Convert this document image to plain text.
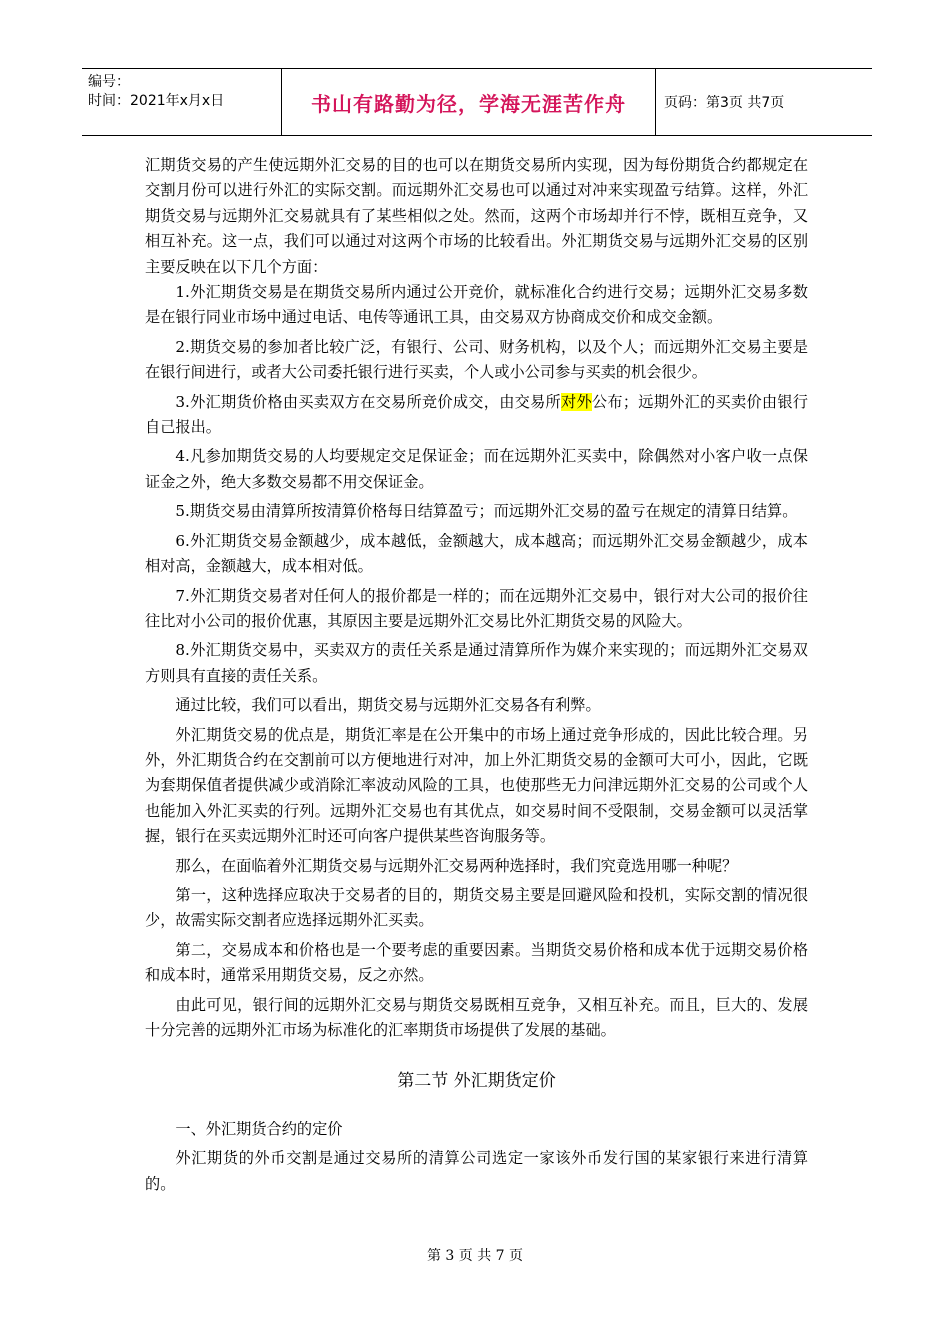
编号：
时间：2021年x月x日	书山有路勤为径，学海无涯苦作舟	页码：第3页 共7页

汇期货交易的产生使远期外汇交易的目的也可以在期货交易所内实现，因为每份期货合约都规定在交割月份可以进行外汇的实际交割。而远期外汇交易也可以通过对冲来实现盈亏结算。这样，外汇期货交易与远期外汇交易就具有了某些相似之处。然而，这两个市场却并行不悖，既相互竞争，又相互补充。这一点，我们可以通过对这两个市场的比较看出。外汇期货交易与远期外汇交易的区别主要反映在以下几个方面：

1.外汇期货交易是在期货交易所内通过公开竞价，就标准化合约进行交易；远期外汇交易多数是在银行同业市场中通过电话、电传等通讯工具，由交易双方协商成交价和成交金额。

2.期货交易的参加者比较广泛，有银行、公司、财务机构，以及个人；而远期外汇交易主要是在银行间进行，或者大公司委托银行进行买卖，个人或小公司参与买卖的机会很少。

3.外汇期货价格由买卖双方在交易所竞价成交，由交易所对外公布；远期外汇的买卖价由银行自己报出。

4.凡参加期货交易的人均要规定交足保证金；而在远期外汇买卖中，除偶然对小客户收一点保证金之外，绝大多数交易都不用交保证金。

5.期货交易由清算所按清算价格每日结算盈亏；而远期外汇交易的盈亏在规定的清算日结算。

6.外汇期货交易金额越少，成本越低，金额越大，成本越高；而远期外汇交易金额越少，成本相对高，金额越大，成本相对低。

7.外汇期货交易者对任何人的报价都是一样的；而在远期外汇交易中，银行对大公司的报价往往比对小公司的报价优惠，其原因主要是远期外汇交易比外汇期货交易的风险大。

8.外汇期货交易中，买卖双方的责任关系是通过清算所作为媒介来实现的；而远期外汇交易双方则具有直接的责任关系。

通过比较，我们可以看出，期货交易与远期外汇交易各有利弊。

外汇期货交易的优点是，期货汇率是在公开集中的市场上通过竞争形成的，因此比较合理。另外，外汇期货合约在交割前可以方便地进行对冲，加上外汇期货交易的金额可大可小，因此，它既为套期保值者提供减少或消除汇率波动风险的工具，也使那些无力问津远期外汇交易的公司或个人也能加入外汇买卖的行列。远期外汇交易也有其优点，如交易时间不受限制，交易金额可以灵活掌握，银行在买卖远期外汇时还可向客户提供某些咨询服务等。

那么，在面临着外汇期货交易与远期外汇交易两种选择时，我们究竟选用哪一种呢？

第一，这种选择应取决于交易者的目的，期货交易主要是回避风险和投机，实际交割的情况很少，故需实际交割者应选择远期外汇买卖。

第二，交易成本和价格也是一个要考虑的重要因素。当期货交易价格和成本优于远期交易价格和成本时，通常采用期货交易，反之亦然。

由此可见，银行间的远期外汇交易与期货交易既相互竞争，又相互补充。而且，巨大的、发展十分完善的远期外汇市场为标准化的汇率期货市场提供了发展的基础。

第二节 外汇期货定价

一、外汇期货合约的定价

外汇期货的外币交割是通过交易所的清算公司选定一家该外币发行国的某家银行来进行清算的。

第 3 页 共 7 页
